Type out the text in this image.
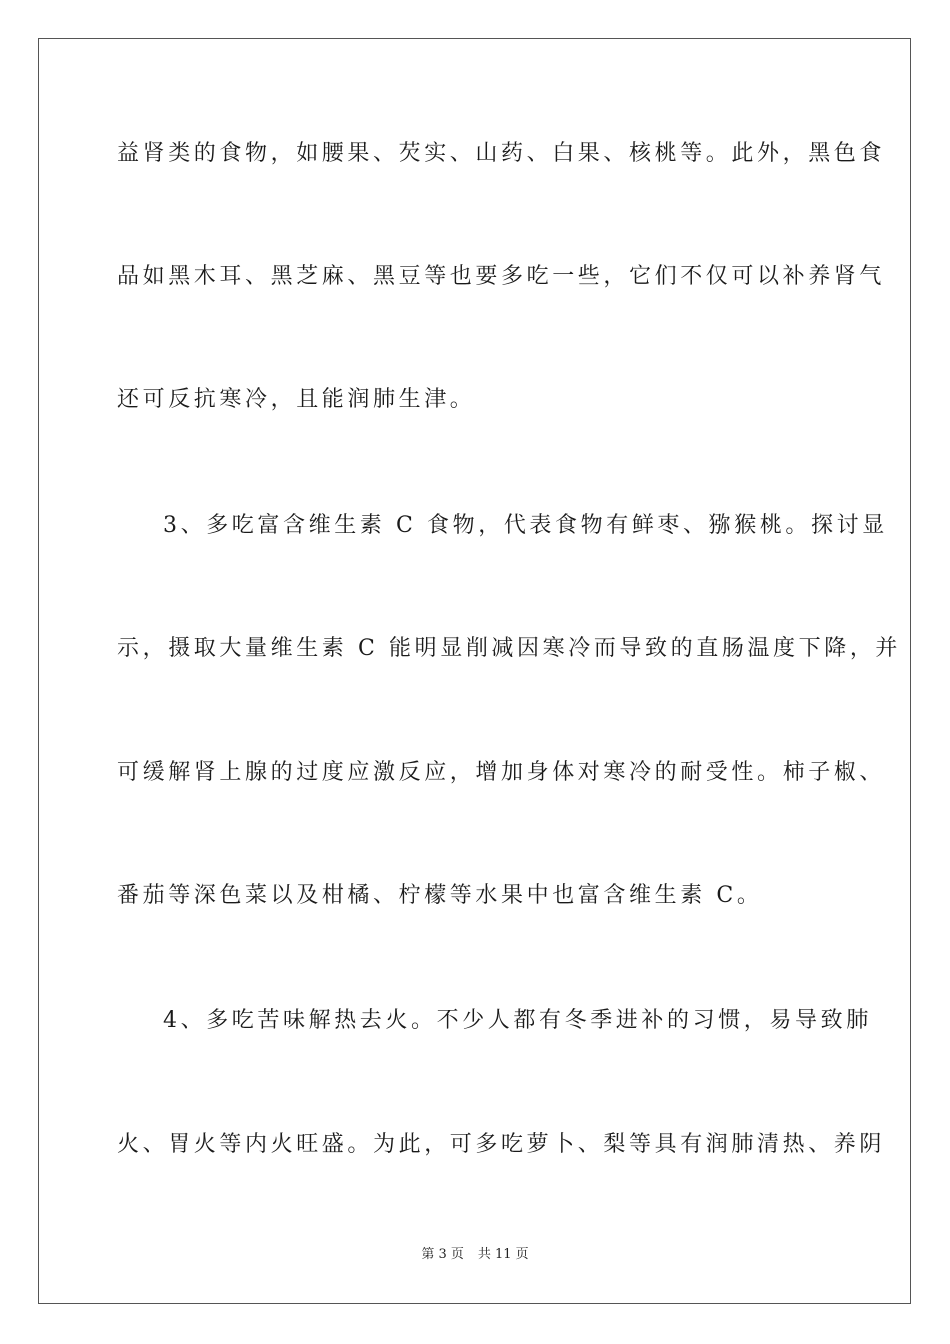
益肾类的食物，如腰果、芡实、山药、白果、核桃等。此外，黑色食
品如黑木耳、黑芝麻、黑豆等也要多吃一些，它们不仅可以补养肾气
还可反抗寒冷，且能润肺生津。
3、多吃富含维生素 C 食物，代表食物有鲜枣、猕猴桃。探讨显
示，摄取大量维生素 C 能明显削减因寒冷而导致的直肠温度下降，并
可缓解肾上腺的过度应激反应，增加身体对寒冷的耐受性。柿子椒、
番茄等深色菜以及柑橘、柠檬等水果中也富含维生素 C。
4、多吃苦味解热去火。不少人都有冬季进补的习惯，易导致肺
火、胃火等内火旺盛。为此，可多吃萝卜、梨等具有润肺清热、养阴
第 3 页 共 11 页
